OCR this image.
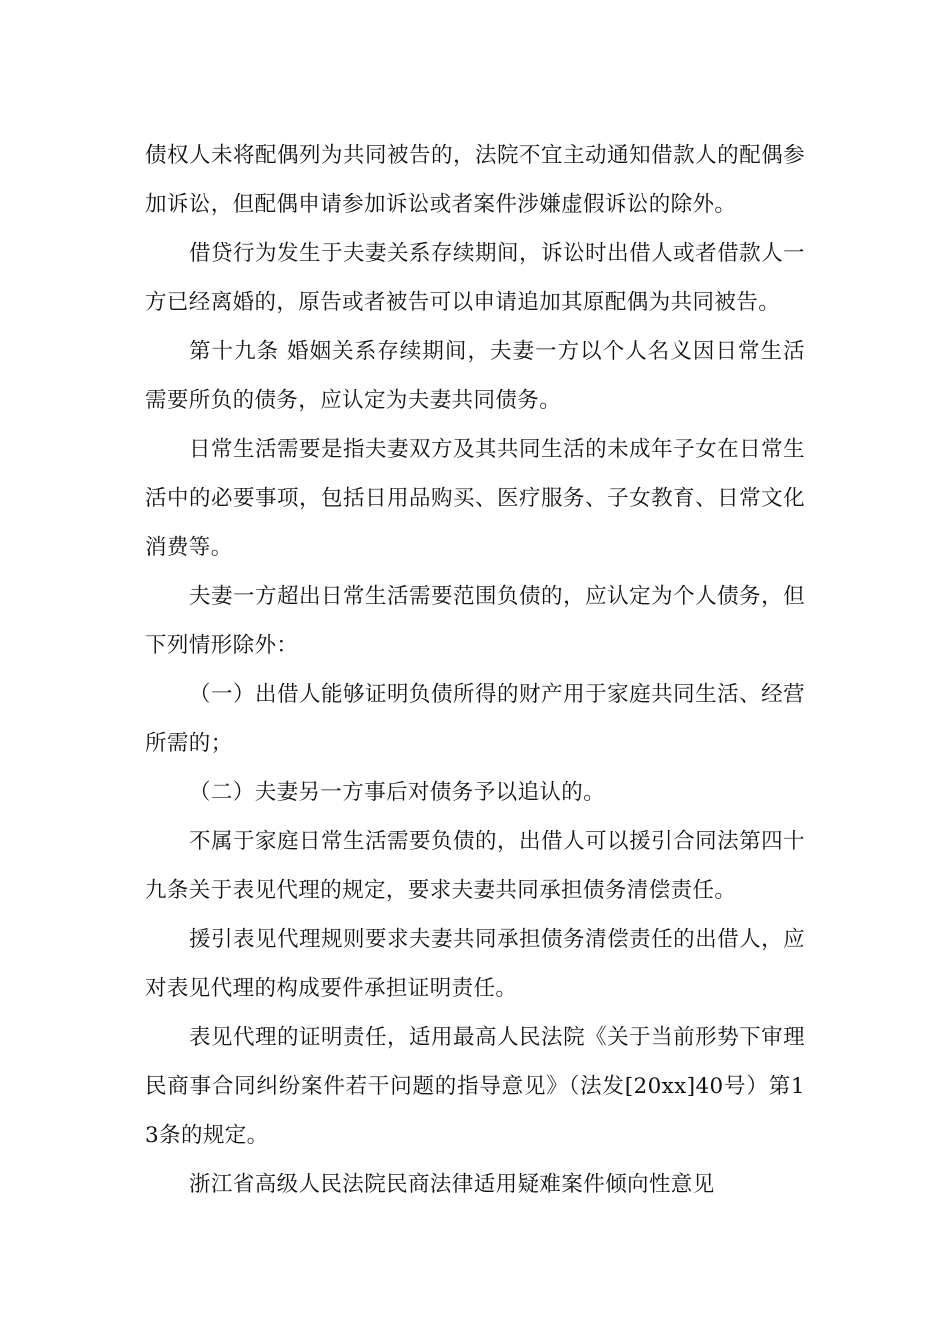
债权人未将配偶列为共同被告的，法院不宜主动通知借款人的配偶参加诉讼，但配偶申请参加诉讼或者案件涉嫌虚假诉讼的除外。

借贷行为发生于夫妻关系存续期间，诉讼时出借人或者借款人一方已经离婚的，原告或者被告可以申请追加其原配偶为共同被告。

第十九条 婚姻关系存续期间，夫妻一方以个人名义因日常生活需要所负的债务，应认定为夫妻共同债务。

日常生活需要是指夫妻双方及其共同生活的未成年子女在日常生活中的必要事项，包括日用品购买、医疗服务、子女教育、日常文化消费等。

夫妻一方超出日常生活需要范围负债的，应认定为个人债务，但下列情形除外：

（一）出借人能够证明负债所得的财产用于家庭共同生活、经营所需的；

（二）夫妻另一方事后对债务予以追认的。

不属于家庭日常生活需要负债的，出借人可以援引合同法第四十九条关于表见代理的规定，要求夫妻共同承担债务清偿责任。

援引表见代理规则要求夫妻共同承担债务清偿责任的出借人，应对表见代理的构成要件承担证明责任。

表见代理的证明责任，适用最高人民法院《关于当前形势下审理民商事合同纠纷案件若干问题的指导意见》（法发[20xx]40号）第13条的规定。

浙江省高级人民法院民商法律适用疑难案件倾向性意见
